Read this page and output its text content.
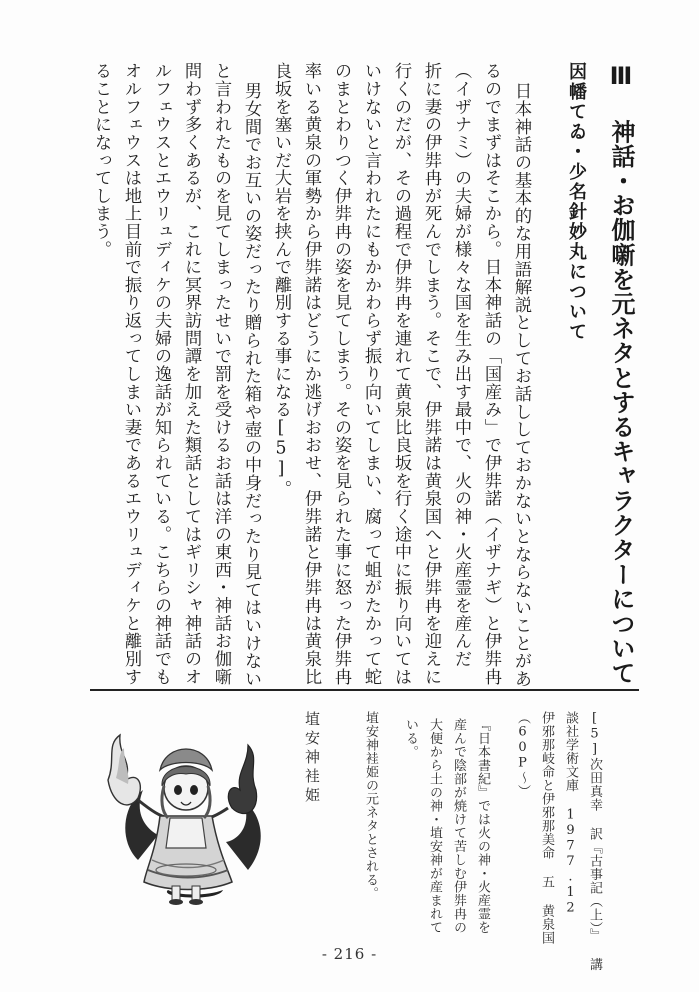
Ⅲ 神話・お伽噺を元ネタとするキャラクターについて
因幡てゐ・少名針妙丸について
日本神話の基本的な用語解説としてお話ししておかないとならないことがあ
るのでまずはそこから。日本神話の「国産み」で伊弉諾（イザナギ）と伊弉冉
（イザナミ）の夫婦が様々な国を生み出す最中で、火の神・火産霊を産んだ
折に妻の伊弉冉が死んでしまう。そこで、伊弉諾は黄泉国へと伊弉冉を迎えに
行くのだが、その過程で伊弉冉を連れて黄泉比良坂を行く途中に振り向いては
いけないと言われたにもかかわらず振り向いてしまい、腐って蛆がたかって蛇
のまとわりつく伊弉冉の姿を見てしまう。その姿を見られた事に怒った伊弉冉
率いる黄泉の軍勢から伊弉諾はどうにか逃げおおせ、伊弉諾と伊弉冉は黄泉比
良坂を塞いだ大岩を挟んで離別する事になる[5]。
男女間でお互いの姿だったり贈られた箱や壺の中身だったり見てはいけない
と言われたものを見てしまったせいで罰を受けるお話は洋の東西・神話お伽噺
問わず多くあるが、これに冥界訪問譚を加えた類話としてはギリシャ神話のオ
ルフェウスとエウリュディケの夫婦の逸話が知られている。こちらの神話でも
オルフェウスは地上目前で振り返ってしまい妻であるエウリュディケと離別す
ることになってしまう。
[5]次田真幸 訳『古事記（上）』 講
談社学術文庫 1977.12
伊邪那岐命と伊邪那美命 五 黄泉国
（60P～）
『日本書紀』では火の神・火産霊を
産んで陰部が焼けて苦しむ伊弉冉の
大便から土の神・埴安神が産まれて
いる。
埴安神袿姫の元ネタとされる。
埴安神袿姫
- 216 -
